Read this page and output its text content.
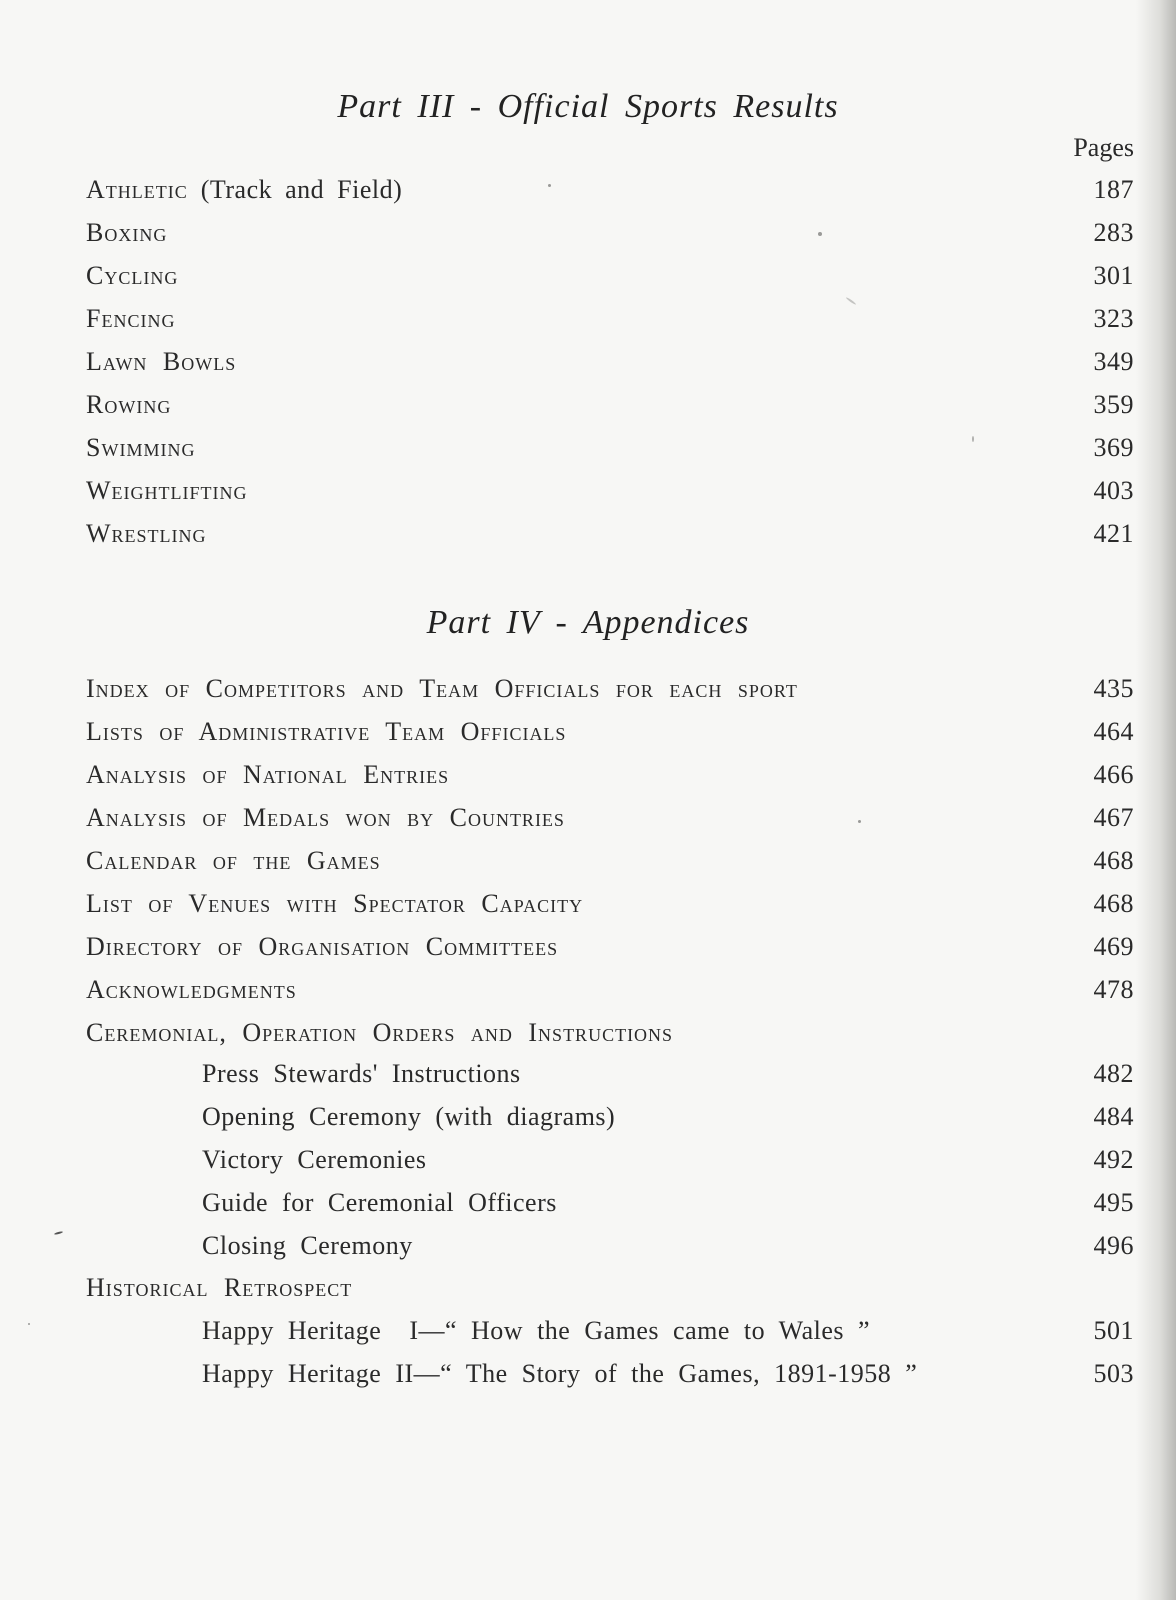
Part III - Official Sports Results
Pages
Athletic (Track and Field)	187
Boxing	283
Cycling	301
Fencing	323
Lawn Bowls	349
Rowing	359
Swimming	369
Weightlifting	403
Wrestling	421
Part IV - Appendices
Index of Competitors and Team Officials for each sport	435
Lists of Administrative Team Officials	464
Analysis of National Entries	466
Analysis of Medals won by Countries	467
Calendar of the Games	468
List of Venues with Spectator Capacity	468
Directory of Organisation Committees	469
Acknowledgments	478
Ceremonial, Operation Orders and Instructions
Press Stewards' Instructions	482
Opening Ceremony (with diagrams)	484
Victory Ceremonies	492
Guide for Ceremonial Officers	495
Closing Ceremony	496
Historical Retrospect
Happy Heritage  I—“ How the Games came to Wales ”	501
Happy Heritage II—“ The Story of the Games, 1891-1958 ”	503
